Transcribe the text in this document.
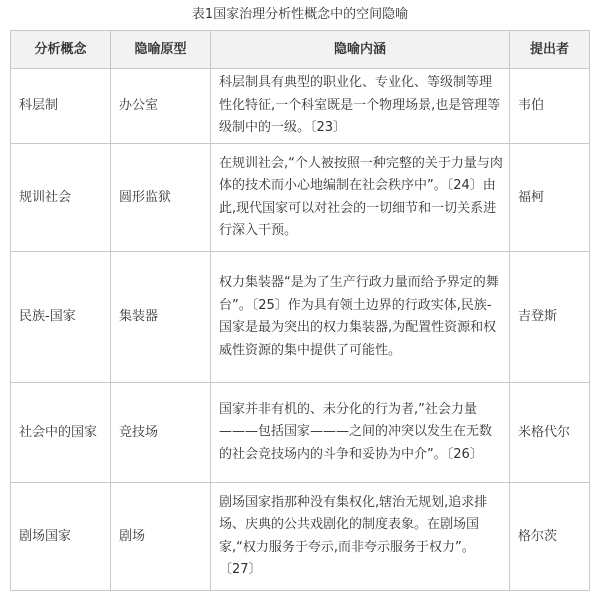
表1国家治理分析性概念中的空间隐喻
分析概念	隐喻原型	隐喻内涵	提出者
科层制	办公室	科层制具有典型的职业化、专业化、等级制等理性化特征,一个科室既是一个物理场景,也是管理等级制中的一级。〔23〕	韦伯
规训社会	圆形监狱	在规训社会,“个人被按照一种完整的关于力量与肉体的技术而小心地编制在社会秩序中”。〔24〕由此,现代国家可以对社会的一切细节和一切关系进行深入干预。	福柯
民族-国家	集装器	权力集装器“是为了生产行政力量而给予界定的舞台”。〔25〕作为具有领土边界的行政实体,民族-国家是最为突出的权力集装器,为配置性资源和权威性资源的集中提供了可能性。	吉登斯
社会中的国家	竞技场	国家并非有机的、未分化的行为者,”社会力量———包括国家———之间的冲突以发生在无数的社会竞技场内的斗争和妥协为中介”。〔26〕	米格代尔
剧场国家	剧场	剧场国家指那种没有集权化,辖治无规划,追求排场、庆典的公共戏剧化的制度表象。在剧场国家,“权力服务于夸示,而非夸示服务于权力”。〔27〕	格尔茨
